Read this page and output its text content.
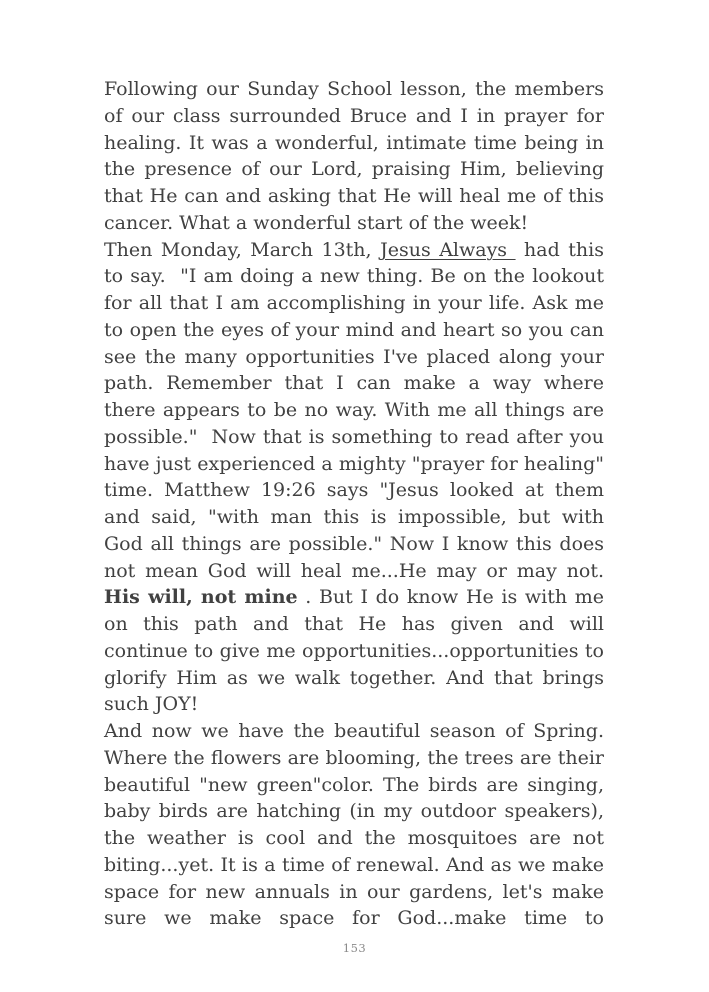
Following our Sunday School lesson, the members of our class surrounded Bruce and I in prayer for healing. It was a wonderful, intimate time being in the presence of our Lord, praising Him, believing that He can and asking that He will heal me of this cancer. What a wonderful start of the week!

Then Monday, March 13th, Jesus Always  had this to say.  "I am doing a new thing. Be on the lookout for all that I am accomplishing in your life. Ask me to open the eyes of your mind and heart so you can see the many opportunities I've placed along your path. Remember that I can make a way where there appears to be no way. With me all things are possible."  Now that is something to read after you have just experienced a mighty "prayer for healing" time. Matthew 19:26 says "Jesus looked at them and said, "with man this is impossible, but with God all things are possible." Now I know this does not mean God will heal me...He may or may not. His will, not mine . But I do know He is with me on this path and that He has given and will continue to give me opportunities...opportunities to glorify Him as we walk together. And that brings such JOY!

And now we have the beautiful season of Spring. Where the flowers are blooming, the trees are their beautiful "new green"color. The birds are singing, baby birds are hatching (in my outdoor speakers), the weather is cool and the mosquitoes are not biting...yet. It is a time of renewal. And as we make space for new annuals in our gardens, let's make sure we make space for God...make time to

153
